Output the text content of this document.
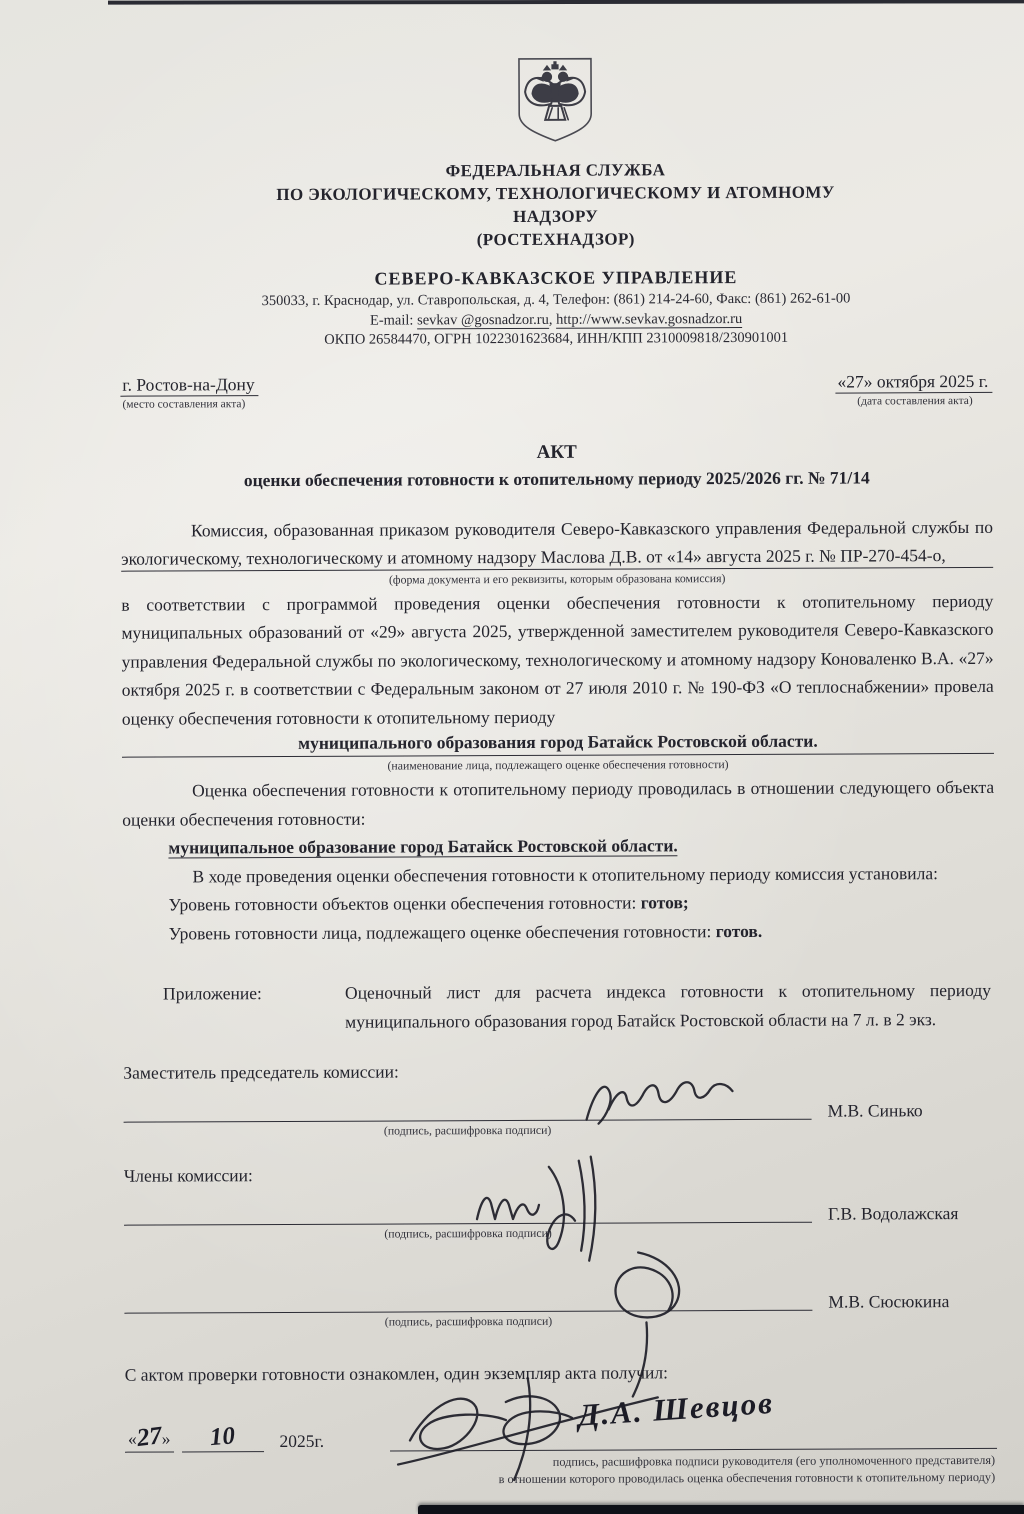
ФЕДЕРАЛЬНАЯ СЛУЖБА
ПО ЭКОЛОГИЧЕСКОМУ, ТЕХНОЛОГИЧЕСКОМУ И АТОМНОМУ
НАДЗОРУ
(РОСТЕХНАДЗОР)
СЕВЕРО-КАВКАЗСКОЕ УПРАВЛЕНИЕ
350033, г. Краснодар, ул. Ставропольская, д. 4, Телефон: (861) 214-24-60, Факс: (861) 262-61-00
E-mail: sevkav @gosnadzor.ru, http://www.sevkav.gosnadzor.ru
ОКПО 26584470, ОГРН 1022301623684, ИНН/КПП 2310009818/230901001
г. Ростов-на-Дону
(место составления акта)
«27» октября 2025 г.
(дата составления акта)
АКТ
оценки обеспечения готовности к отопительному периоду 2025/2026 гг. № 71/14

Комиссия, образованная приказом руководителя Северо-Кавказского управления Федеральной службы по экологическому, технологическому и атомному надзору Маслова Д.В. от «14» августа 2025 г. № ПР-270-454-о,

(форма документа и его реквизиты, которым образована комиссия)

в соответствии с программой проведения оценки обеспечения готовности к отопительному периоду муниципальных образований от «29» августа 2025, утвержденной заместителем руководителя Северо-Кавказского управления Федеральной службы по экологическому, технологическому и атомному надзору Коноваленко В.А. «27» октября 2025 г. в соответствии с Федеральным законом от 27 июля 2010 г. № 190-ФЗ «О теплоснабжении» провела оценку обеспечения готовности к отопительному периоду

муниципального образования город Батайск Ростовской области.
(наименование лица, подлежащего оценке обеспечения готовности)

Оценка обеспечения готовности к отопительному периоду проводилась в отношении следующего объекта оценки обеспечения готовности:

муниципальное образование город Батайск Ростовской области.

В ходе проведения оценки обеспечения готовности к отопительному периоду комиссия установила:

Уровень готовности объектов оценки обеспечения готовности: готов;
Уровень готовности лица, подлежащего оценке обеспечения готовности: готов.
Приложение:	Оценочный лист для расчета индекса готовности к отопительному периоду муниципального образования город Батайск Ростовской области на 7 л. в 2 экз.
Заместитель председатель комиссии:
(подпись, расшифровка подписи)
М.В. Синько
Члены комиссии:
(подпись, расшифровка подписи)
Г.В. Водолажская
(подпись, расшифровка подписи)
М.В. Сюсюкина

С актом проверки готовности ознакомлен, один экземпляр акта получил:

«27»	10	2025г.
Д.А. Шевцов
подпись, расшифровка подписи руководителя (его уполномоченного представителя)
в отношении которого проводилась оценка обеспечения готовности к отопительному периоду)
